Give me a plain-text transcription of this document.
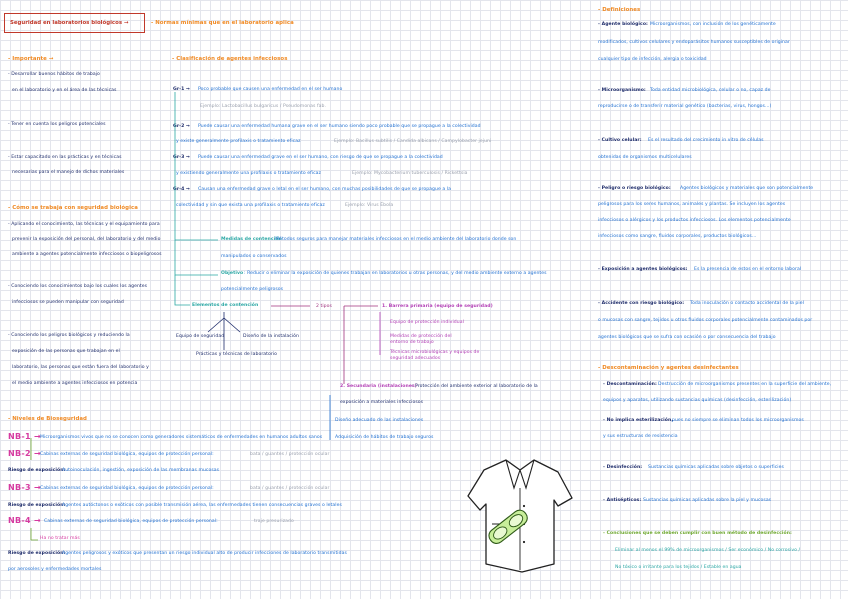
Seguridad en laboratorios biológicos →	- Normas mínimas que en el laboratorio aplica
- Importante →
- Desarrollar buenos hábitos de trabajo
en el laboratorio y en el área de las técnicas
- Tener en cuenta los peligros potenciales
- Estar capacitado en las prácticas y en técnicas
necesarias para el manejo de dichos materiales
- Cómo se trabaja con seguridad biológica
- Aplicando el conocimiento, las técnicas y el equipamiento para
prevenir la exposición del personal, del laboratorio y del medio
ambiente a agentes potencialmente infecciosos o biopeligrosos
- Conociendo los conocimientos bajo los cuales los agentes
infecciosos se pueden manipular con seguridad
- Conociendo los peligros biológicos y reduciendo la
exposición de las personas que trabajan en el
laboratorio, las personas que están fuera del laboratorio y
el medio ambiente a agentes infecciosos en potencia
- Clasificación de agentes infecciosos
Gr-1 → Poco probable que causen una enfermedad en el ser humano
Ejemplo: Lactobacillus bulgaricus / Pseudomonas fab.
Gr-2 → Puede causar una enfermedad humana grave en el ser humano siendo poco probable que se propague a la colectividad
y existe generalmente profilaxis o tratamiento eficaz	Ejemplo: Bacillus subtilis / Candida albicans / Campylobacter jejuni
Gr-3 → Puede causar una enfermedad grave en el ser humano, con riesgo de que se propague a la colectividad
y existiendo generalmente una profilaxis o tratamiento eficaz	Ejemplo: Mycobacterium tuberculosis / Rickettsia
Gr-4 → Causan una enfermedad grave o letal en el ser humano, con muchas posibilidades de que se propague a la
colectividad y sin que exista una profilaxis o tratamiento eficaz	Ejemplo: Virus Ébola
Medidas de contención
: Métodos seguros para manejar materiales infecciosos en el medio ambiente del laboratorio donde son
manipulados o conservados
Objetivo : Reducir o eliminar la exposición de quienes trabajan en laboratorios u otras personas, y del medio ambiente externo a agentes
potencialmente peligrosos
Elementos de contención
Equipo de seguridad	Diseño de la instalación
Prácticas y técnicas de laboratorio
2 tipos	1. Barrera primaria (equipo de seguridad)
Equipo de protección individual
Medidas de protección del entorno de trabajo
Técnicas microbiológicas y equipos de seguridad adecuados
2. Secundaria (instalaciones)
: Protección del ambiente exterior al laboratorio de la
exposición a materiales infecciosos
Diseño adecuado de las instalaciones
Adquisición de hábitos de trabajo seguros
- Niveles de Bioseguridad
NB-1 → Microorganismos vivos que no se conocen como generadores sistemáticos de enfermedades en humanos adultos sanos
NB-2 → Cabinas externas de seguridad biológica, equipos de protección personal:	bata / guantes / protección ocular
Riesgo de exposición:
Autoinoculación, ingestión, exposición de las membranas mucosas
NB-3 → Cabinas externas de seguridad biológica, equipos de protección personal:	bata / guantes / protección ocular
Riesgo de exposición:
Agentes autóctonos o exóticos con posible transmisión aérea, las enfermedades tienen consecuencias graves o letales
NB-4 → Cabinas externas de seguridad biológica, equipos de protección personal:	traje presurizado
Ha no tratar más
Riesgo de exposición:
Agentes peligrosos y exóticos que presentan un riesgo individual alto de producir infecciones de laboratorio transmitidas
por aerosoles y enfermedades mortales
- Definiciones
- Agente biológico: Microorganismos, con inclusión de los genéticamente
modificados, cultivos celulares y endoparásitos humanos susceptibles de originar
cualquier tipo de infección, alergia o toxicidad
- Microorganismo: Toda entidad microbiológica, celular o no, capaz de
reproducirse o de transferir material genético (bacterias, virus, hongos...)
- Cultivo celular: Es el resultado del crecimiento in vitro de células
obtenidas de organismos multicelulares
- Peligro o riesgo biológico: Agentes biológicos y materiales que son potencialmente
peligrosos para los seres humanos, animales y plantas. Se incluyen los agentes
infecciosos o alérgicos y los productos infecciosos. Los elementos potencialmente
infecciosos como sangre, fluidos corporales, productos biológicos...
- Exposición a agentes biológicos: Es la presencia de estos en el entorno laboral
- Accidente con riesgo biológico: Toda inoculación o contacto accidental de la piel
o mucosas con sangre, tejidos u otros fluidos corporales potencialmente contaminados por
agentes biológicos que se sufra con ocasión o por consecuencia del trabajo
- Descontaminación y agentes desinfectantes
- Descontaminación: Destrucción de microorganismos presentes en la superficie del ambiente,
equipos y aparatos, utilizando sustancias químicas (desinfección, esterilización)
- No implica esterilización,
pues no siempre se eliminan todos los microorganismos
y sus estructuras de resistencia
- Desinfección: Sustancias químicas aplicadas sobre objetos o superficies
- Antisépticos: Sustancias químicas aplicadas sobre la piel y mucosas
- Conclusiones que se deben cumplir con buen método de desinfección:
Eliminar al menos el 99% de microorganismos / Ser económico / No corrosivo /
No tóxico o irritante para los tejidos / Estable en agua
